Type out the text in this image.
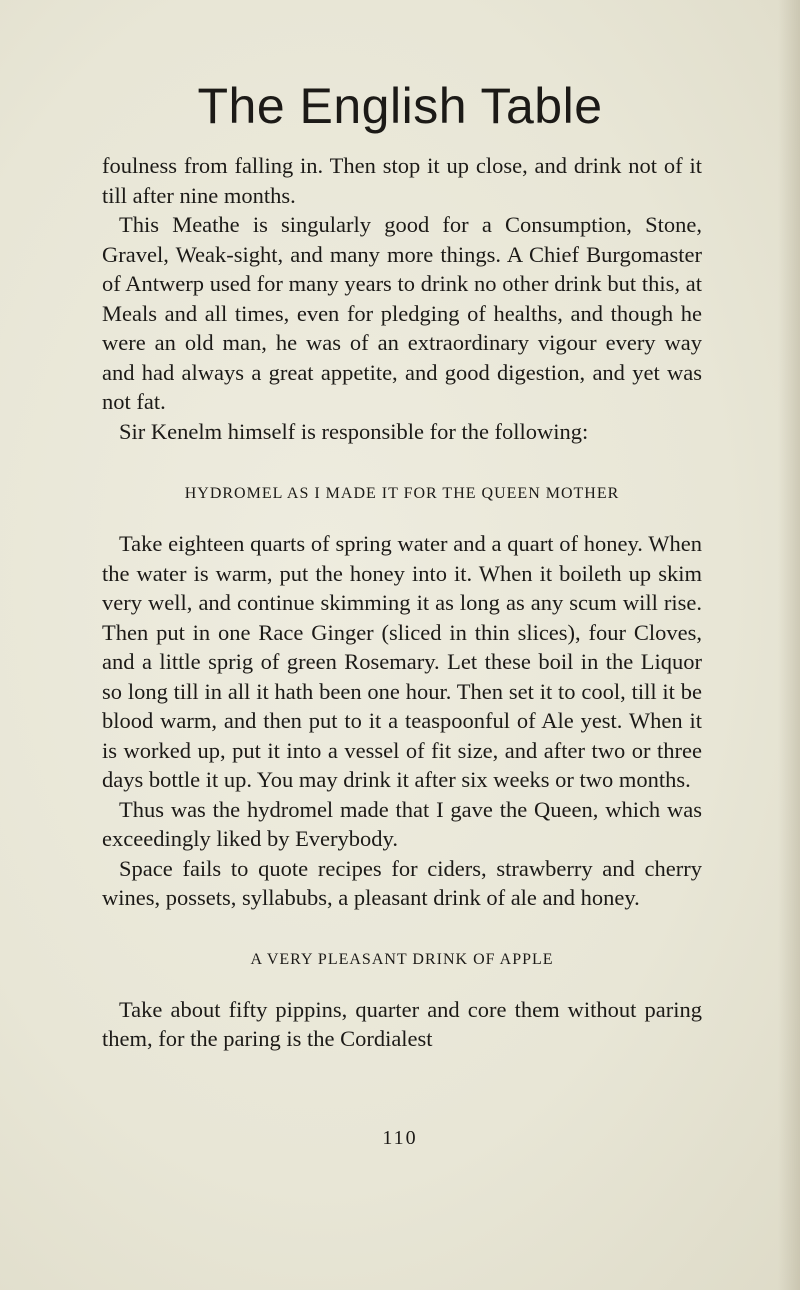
The English Table

foulness from falling in. Then stop it up close, and drink not of it till after nine months.

This Meathe is singularly good for a Consumption, Stone, Gravel, Weak-sight, and many more things. A Chief Burgomaster of Antwerp used for many years to drink no other drink but this, at Meals and all times, even for pledging of healths, and though he were an old man, he was of an extraordinary vigour every way and had always a great appetite, and good digestion, and yet was not fat.

Sir Kenelm himself is responsible for the following:

HYDROMEL AS I MADE IT FOR THE QUEEN MOTHER

Take eighteen quarts of spring water and a quart of honey. When the water is warm, put the honey into it. When it boileth up skim very well, and continue skimming it as long as any scum will rise. Then put in one Race Ginger (sliced in thin slices), four Cloves, and a little sprig of green Rosemary. Let these boil in the Liquor so long till in all it hath been one hour. Then set it to cool, till it be blood warm, and then put to it a teaspoonful of Ale yest. When it is worked up, put it into a vessel of fit size, and after two or three days bottle it up. You may drink it after six weeks or two months.

Thus was the hydromel made that I gave the Queen, which was exceedingly liked by Everybody.

Space fails to quote recipes for ciders, strawberry and cherry wines, possets, syllabubs, a pleasant drink of ale and honey.

A VERY PLEASANT DRINK OF APPLE

Take about fifty pippins, quarter and core them without paring them, for the paring is the Cordialest

110
